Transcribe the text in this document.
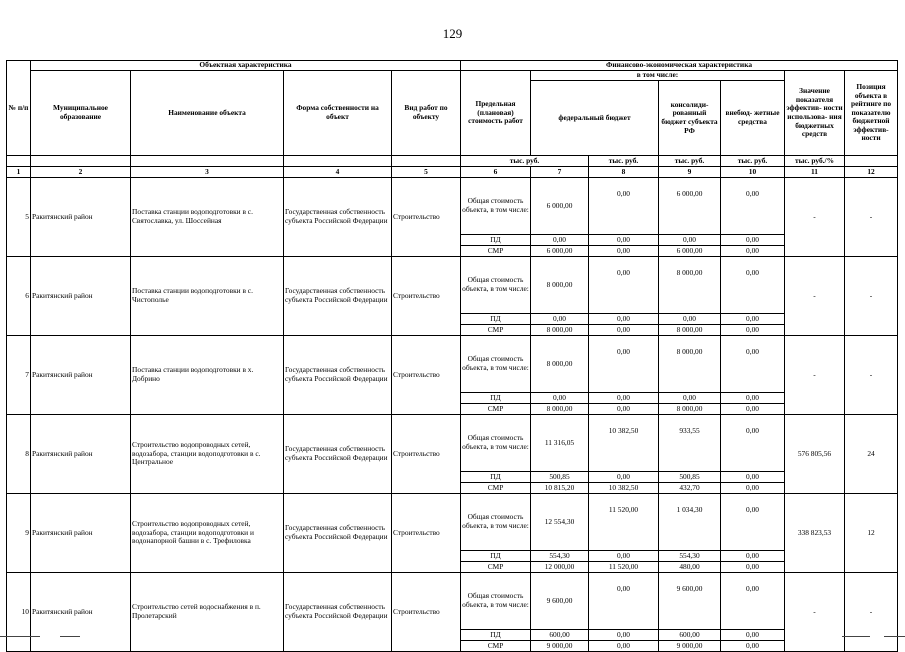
129
№ п/п	Объектная характеристика				Финансово-экономическая характеристика						
	Муниципальное образование	Наименование объекта	Форма собственности на объект	Вид работ по объекту	Предельная (плановая) стоимость работ	в том числе:				Значение показателя эффектив- ности использова- ния бюджетных средств	Позиция объекта в рейтинге по показателю бюджетной эффектив- ности
						федеральный бюджет		консолиди- рованный бюджет субъекта РФ	внебюд- жетные средства		
					тыс. руб.		тыс. руб.	тыс. руб.	тыс. руб.	тыс. руб./%	
1	2	3	4	5	6	7	8	9	10	11	12
5	Ракитянский район	Поставка станции водоподготовки в с. Святославка, ул. Шоссейная	Государственная собственность субъекта Российской Федерации	Строительство	Общая стоимость объекта, в том числе:	6 000,00	0,00	6 000,00	0,00	-	-
					ПД	0,00	0,00	0,00	0,00		
					СМР	6 000,00	0,00	6 000,00	0,00		
6	Ракитянский район	Поставка станции водоподготовки в с. Чистополье	Государственная собственность субъекта Российской Федерации	Строительство	Общая стоимость объекта, в том числе:	8 000,00	0,00	8 000,00	0,00	-	-
					ПД	0,00	0,00	0,00	0,00		
					СМР	8 000,00	0,00	8 000,00	0,00		
7	Ракитянский район	Поставка станции водоподготовки в х. Добрино	Государственная собственность субъекта Российской Федерации	Строительство	Общая стоимость объекта, в том числе:	8 000,00	0,00	8 000,00	0,00	-	-
					ПД	0,00	0,00	0,00	0,00		
					СМР	8 000,00	0,00	8 000,00	0,00		
8	Ракитянский район	Строительство водопроводных сетей, водозабора, станции водоподготовки в с. Центральное	Государственная собственность субъекта Российской Федерации	Строительство	Общая стоимость объекта, в том числе:	11 316,05	10 382,50	933,55	0,00	576 805,56	24
					ПД	500,85	0,00	500,85	0,00		
					СМР	10 815,20	10 382,50	432,70	0,00		
9	Ракитянский район	Строительство водопроводных сетей, водозабора, станции водоподготовки и водонапорной башни в с. Трефиловка	Государственная собственность субъекта Российской Федерации	Строительство	Общая стоимость объекта, в том числе:	12 554,30	11 520,00	1 034,30	0,00	338 823,53	12
					ПД	554,30	0,00	554,30	0,00		
					СМР	12 000,00	11 520,00	480,00	0,00		
10	Ракитянский район	Строительство сетей водоснабжения в п. Пролетарский	Государственная собственность субъекта Российской Федерации	Строительство	Общая стоимость объекта, в том числе:	9 600,00	0,00	9 600,00	0,00	-	-
					ПД	600,00	0,00	600,00	0,00		
					СМР	9 000,00	0,00	9 000,00	0,00		
